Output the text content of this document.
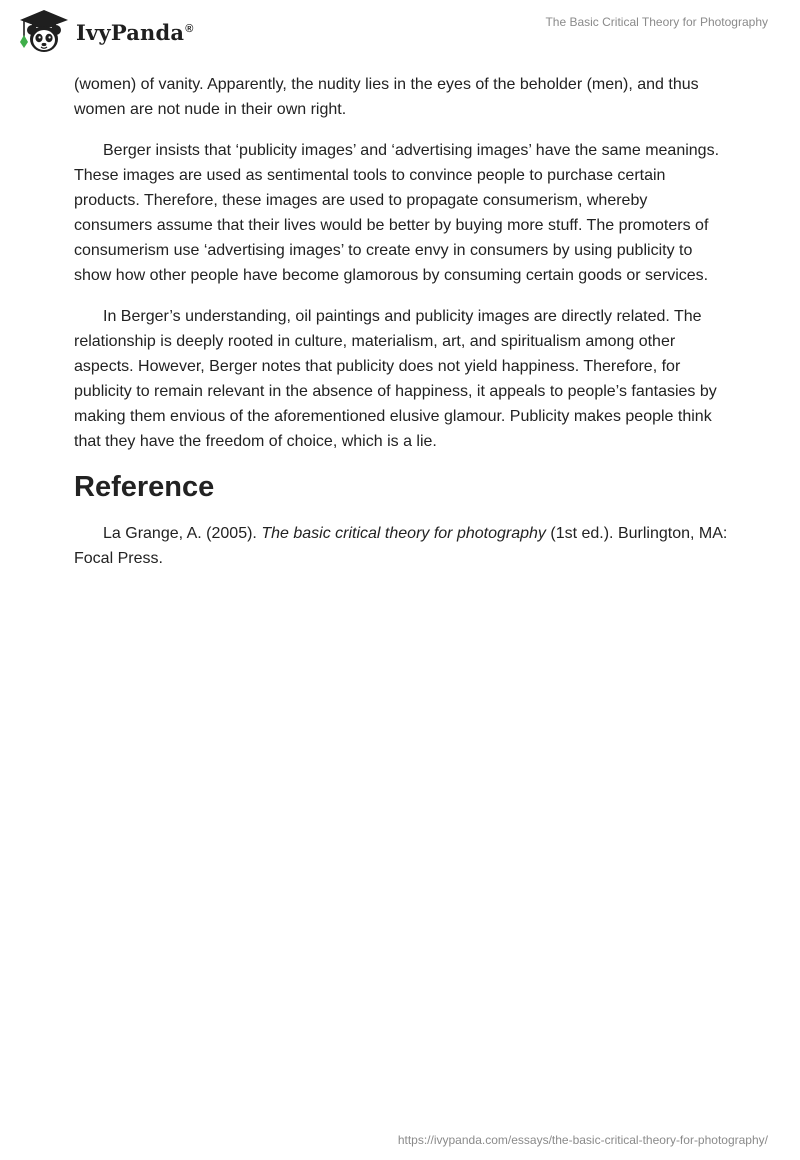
IvyPanda®	The Basic Critical Theory for Photography

(women) of vanity. Apparently, the nudity lies in the eyes of the beholder (men), and thus women are not nude in their own right.

Berger insists that ‘publicity images’ and ‘advertising images’ have the same meanings. These images are used as sentimental tools to convince people to purchase certain products. Therefore, these images are used to propagate consumerism, whereby consumers assume that their lives would be better by buying more stuff. The promoters of consumerism use ‘advertising images’ to create envy in consumers by using publicity to show how other people have become glamorous by consuming certain goods or services.

In Berger’s understanding, oil paintings and publicity images are directly related. The relationship is deeply rooted in culture, materialism, art, and spiritualism among other aspects. However, Berger notes that publicity does not yield happiness. Therefore, for publicity to remain relevant in the absence of happiness, it appeals to people’s fantasies by making them envious of the aforementioned elusive glamour. Publicity makes people think that they have the freedom of choice, which is a lie.

Reference

La Grange, A. (2005). The basic critical theory for photography (1st ed.). Burlington, MA: Focal Press.

https://ivypanda.com/essays/the-basic-critical-theory-for-photography/
